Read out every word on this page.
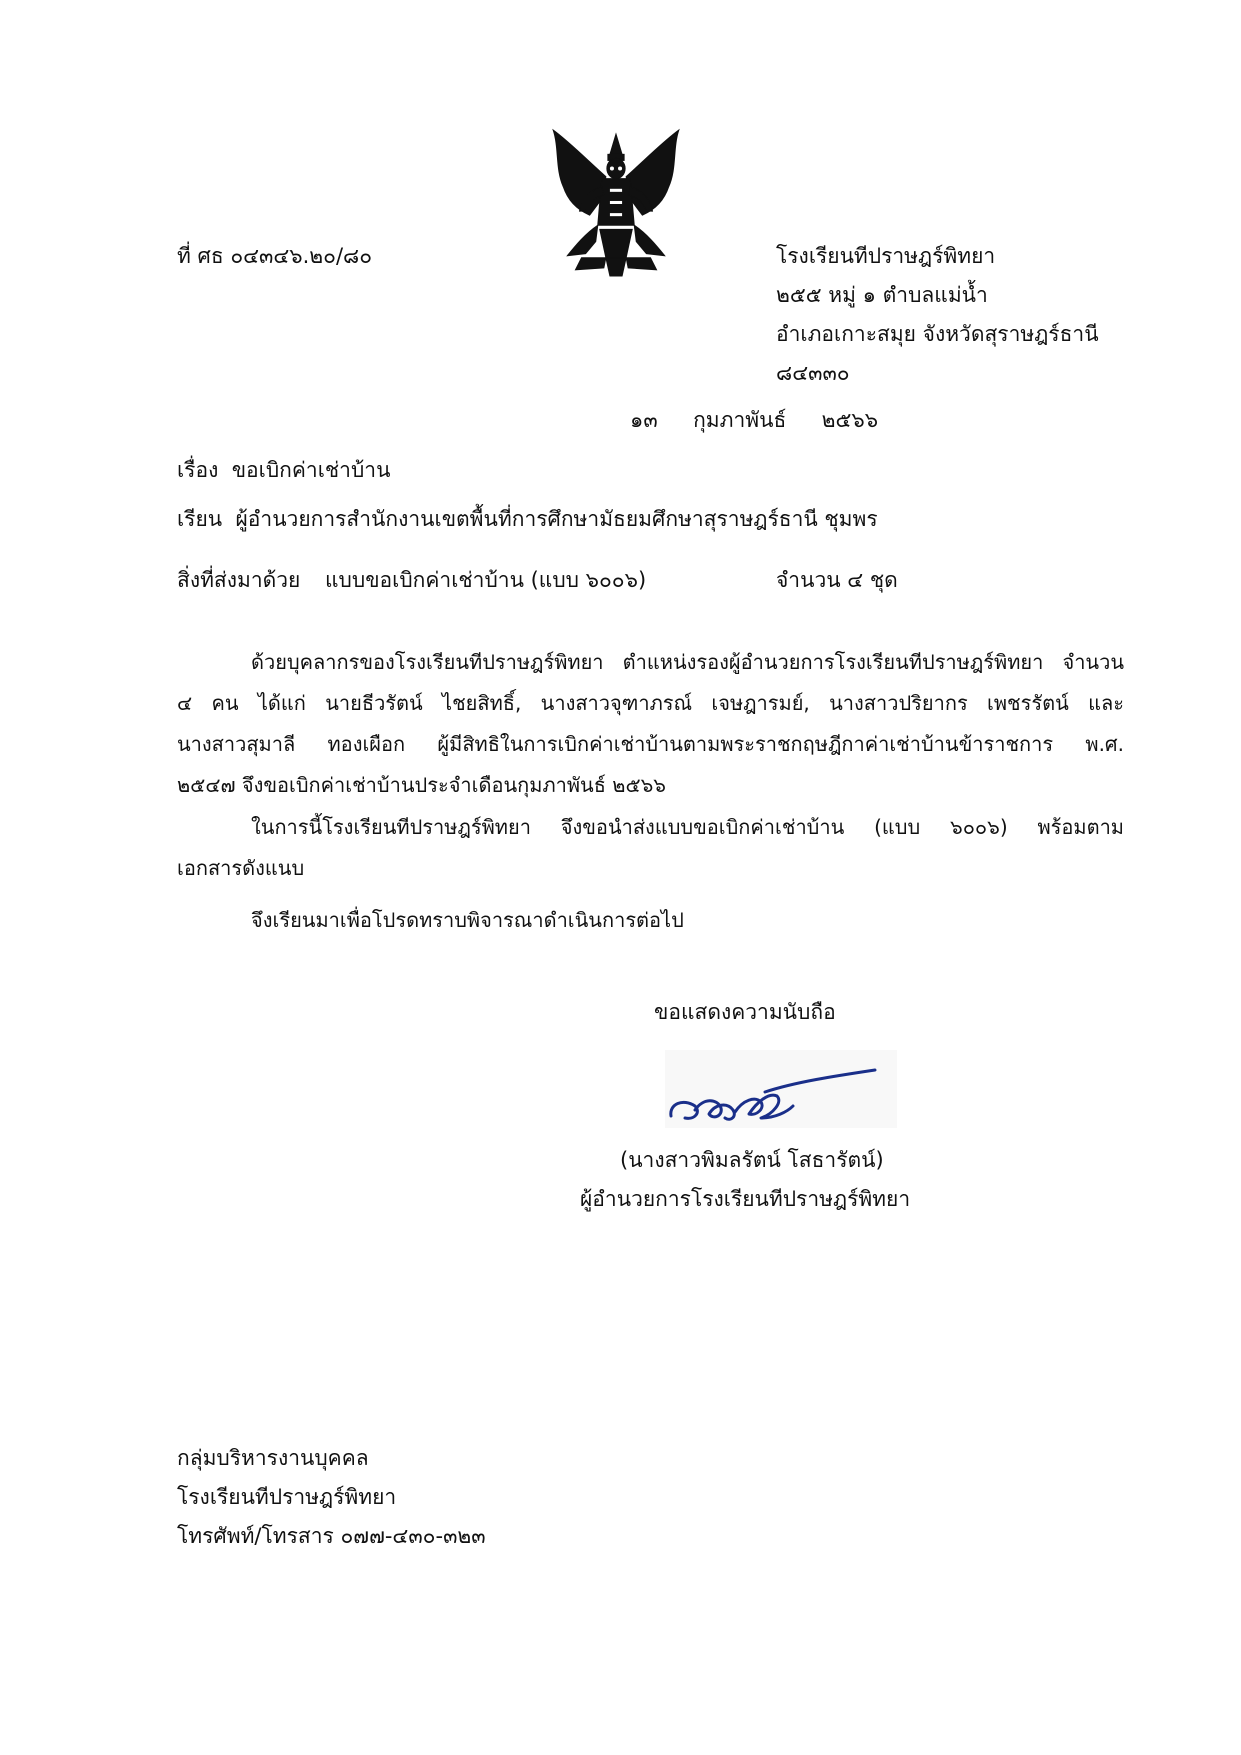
ที่ ศธ ๐๔๓๔๖.๒๐/๘๐	โรงเรียนทีปราษฎร์พิทยา
๒๕๕ หมู่ ๑ ตำบลแม่น้ำ
อำเภอเกาะสมุย จังหวัดสุราษฎร์ธานี
๘๔๓๓๐
๑๓ กุมภาพันธ์ ๒๕๖๖
เรื่อง ขอเบิกค่าเช่าบ้าน
เรียน ผู้อำนวยการสำนักงานเขตพื้นที่การศึกษามัธยมศึกษาสุราษฎร์ธานี ชุมพร
สิ่งที่ส่งมาด้วย แบบขอเบิกค่าเช่าบ้าน (แบบ ๖๐๐๖)	จำนวน ๔ ชุด
ด้วยบุคลากรของโรงเรียนทีปราษฎร์พิทยา ตำแหน่งรองผู้อำนวยการโรงเรียนทีปราษฎร์พิทยา จำนวน
๔ คน ได้แก่ นายธีวรัตน์ ไชยสิทธิ์, นางสาวจุฑาภรณ์ เจษฎารมย์, นางสาวปริยากร เพชรรัตน์ และ
นางสาวสุมาลี ทองเผือก ผู้มีสิทธิในการเบิกค่าเช่าบ้านตามพระราชกฤษฎีกาค่าเช่าบ้านข้าราชการ พ.ศ.
๒๕๔๗ จึงขอเบิกค่าเช่าบ้านประจำเดือนกุมภาพันธ์ ๒๕๖๖
ในการนี้โรงเรียนทีปราษฎร์พิทยา จึงขอนำส่งแบบขอเบิกค่าเช่าบ้าน (แบบ ๖๐๐๖) พร้อมตาม
เอกสารดังแนบ
จึงเรียนมาเพื่อโปรดทราบพิจารณาดำเนินการต่อไป
ขอแสดงความนับถือ
(นางสาวพิมลรัตน์ โสธารัตน์)
ผู้อำนวยการโรงเรียนทีปราษฎร์พิทยา
กลุ่มบริหารงานบุคคล
โรงเรียนทีปราษฎร์พิทยา
โทรศัพท์/โทรสาร ๐๗๗-๔๓๐-๓๒๓
